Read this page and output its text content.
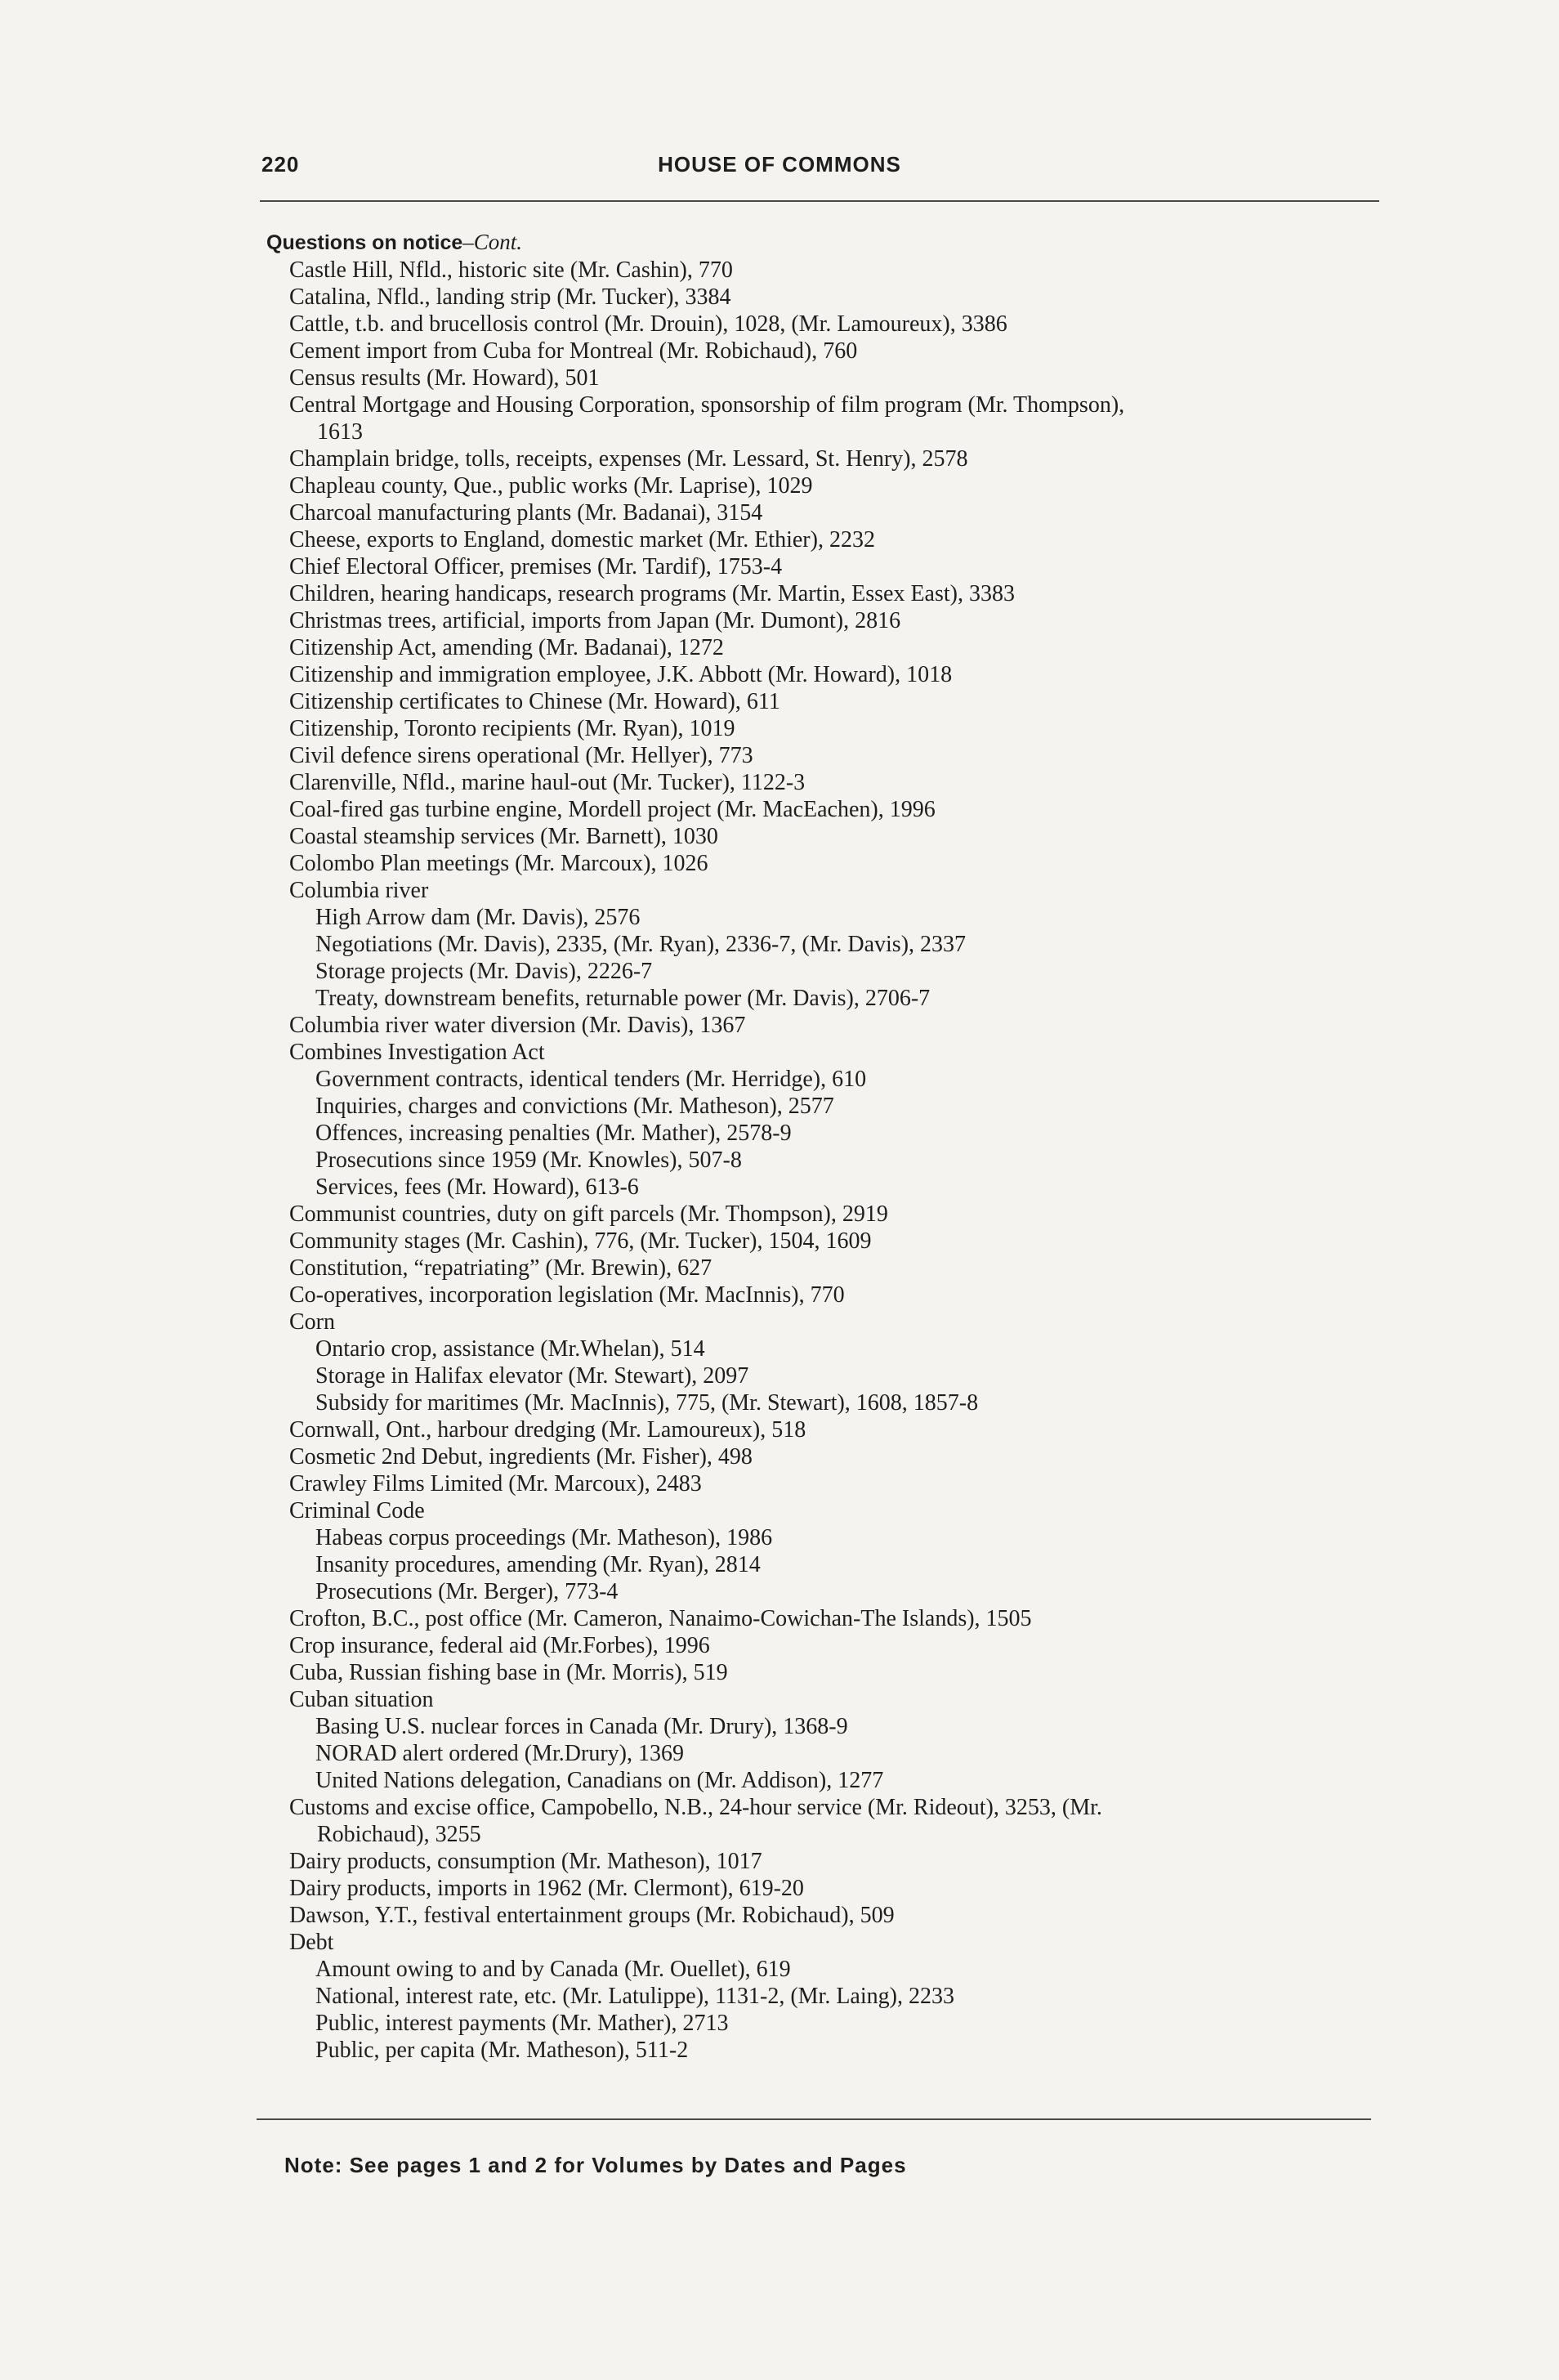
220	HOUSE OF COMMONS
Questions on notice–Cont.
Castle Hill, Nfld., historic site (Mr. Cashin), 770
Catalina, Nfld., landing strip (Mr. Tucker), 3384
Cattle, t.b. and brucellosis control (Mr. Drouin), 1028, (Mr. Lamoureux), 3386
Cement import from Cuba for Montreal (Mr. Robichaud), 760
Census results (Mr. Howard), 501
Central Mortgage and Housing Corporation, sponsorship of film program (Mr. Thompson),
1613
Champlain bridge, tolls, receipts, expenses (Mr. Lessard, St. Henry), 2578
Chapleau county, Que., public works (Mr. Laprise), 1029
Charcoal manufacturing plants (Mr. Badanai), 3154
Cheese, exports to England, domestic market (Mr. Ethier), 2232
Chief Electoral Officer, premises (Mr. Tardif), 1753-4
Children, hearing handicaps, research programs (Mr. Martin, Essex East), 3383
Christmas trees, artificial, imports from Japan (Mr. Dumont), 2816
Citizenship Act, amending (Mr. Badanai), 1272
Citizenship and immigration employee, J.K. Abbott (Mr. Howard), 1018
Citizenship certificates to Chinese (Mr. Howard), 611
Citizenship, Toronto recipients (Mr. Ryan), 1019
Civil defence sirens operational (Mr. Hellyer), 773
Clarenville, Nfld., marine haul-out (Mr. Tucker), 1122-3
Coal-fired gas turbine engine, Mordell project (Mr. MacEachen), 1996
Coastal steamship services (Mr. Barnett), 1030
Colombo Plan meetings (Mr. Marcoux), 1026
Columbia river
High Arrow dam (Mr. Davis), 2576
Negotiations (Mr. Davis), 2335, (Mr. Ryan), 2336-7, (Mr. Davis), 2337
Storage projects (Mr. Davis), 2226-7
Treaty, downstream benefits, returnable power (Mr. Davis), 2706-7
Columbia river water diversion (Mr. Davis), 1367
Combines Investigation Act
Government contracts, identical tenders (Mr. Herridge), 610
Inquiries, charges and convictions (Mr. Matheson), 2577
Offences, increasing penalties (Mr. Mather), 2578-9
Prosecutions since 1959 (Mr. Knowles), 507-8
Services, fees (Mr. Howard), 613-6
Communist countries, duty on gift parcels (Mr. Thompson), 2919
Community stages (Mr. Cashin), 776, (Mr. Tucker), 1504, 1609
Constitution, “repatriating” (Mr. Brewin), 627
Co-operatives, incorporation legislation (Mr. MacInnis), 770
Corn
Ontario crop, assistance (Mr.Whelan), 514
Storage in Halifax elevator (Mr. Stewart), 2097
Subsidy for maritimes (Mr. MacInnis), 775, (Mr. Stewart), 1608, 1857-8
Cornwall, Ont., harbour dredging (Mr. Lamoureux), 518
Cosmetic 2nd Debut, ingredients (Mr. Fisher), 498
Crawley Films Limited (Mr. Marcoux), 2483
Criminal Code
Habeas corpus proceedings (Mr. Matheson), 1986
Insanity procedures, amending (Mr. Ryan), 2814
Prosecutions (Mr. Berger), 773-4
Crofton, B.C., post office (Mr. Cameron, Nanaimo-Cowichan-The Islands), 1505
Crop insurance, federal aid (Mr.Forbes), 1996
Cuba, Russian fishing base in (Mr. Morris), 519
Cuban situation
Basing U.S. nuclear forces in Canada (Mr. Drury), 1368-9
NORAD alert ordered (Mr.Drury), 1369
United Nations delegation, Canadians on (Mr. Addison), 1277
Customs and excise office, Campobello, N.B., 24-hour service (Mr. Rideout), 3253, (Mr.
Robichaud), 3255
Dairy products, consumption (Mr. Matheson), 1017
Dairy products, imports in 1962 (Mr. Clermont), 619-20
Dawson, Y.T., festival entertainment groups (Mr. Robichaud), 509
Debt
Amount owing to and by Canada (Mr. Ouellet), 619
National, interest rate, etc. (Mr. Latulippe), 1131-2, (Mr. Laing), 2233
Public, interest payments (Mr. Mather), 2713
Public, per capita (Mr. Matheson), 511-2
Note: See pages 1 and 2 for Volumes by Dates and Pages
